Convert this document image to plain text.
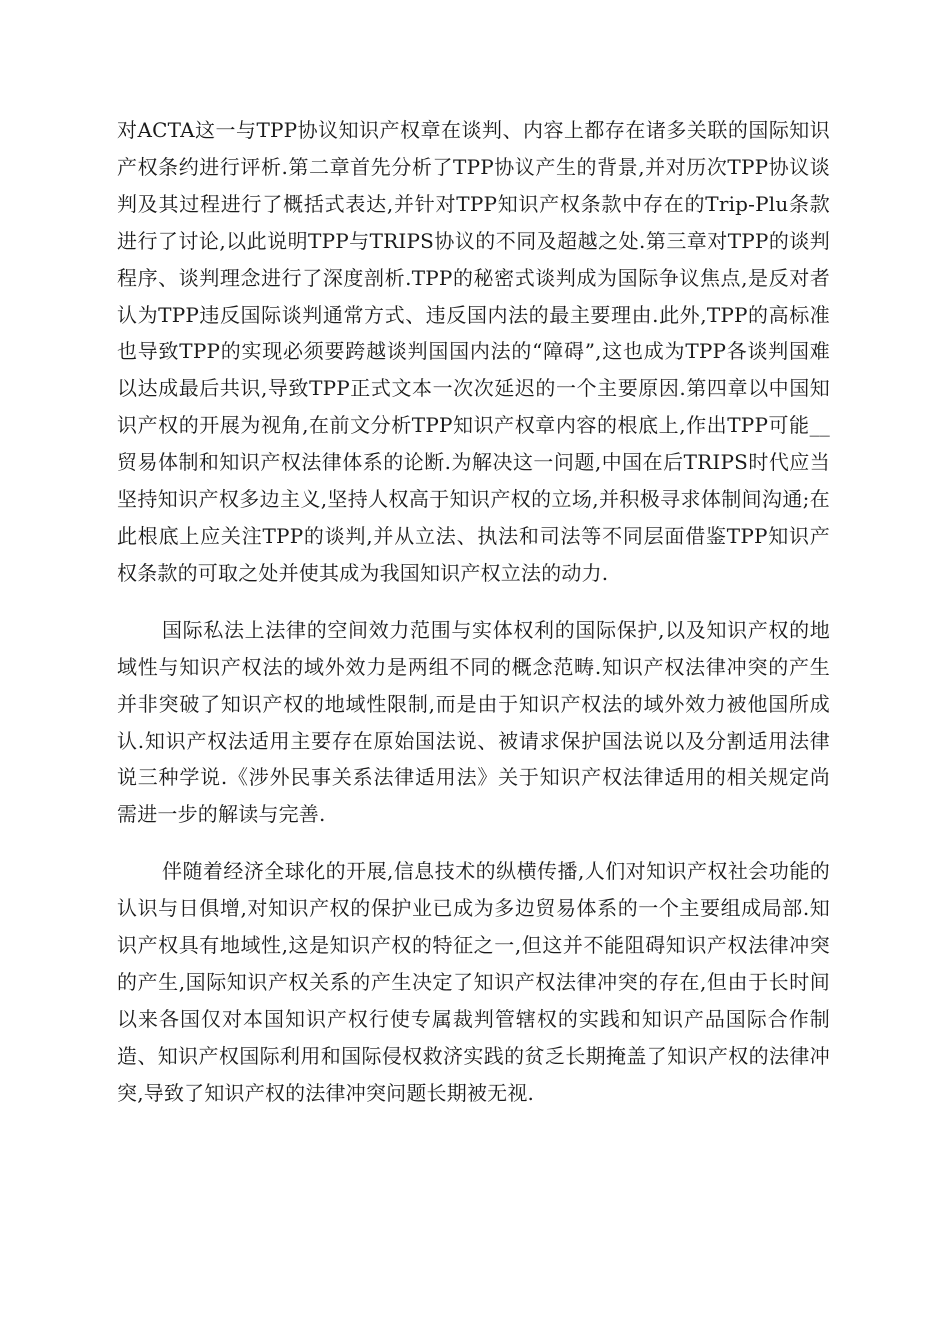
对ACTA这一与TPP协议知识产权章在谈判、内容上都存在诸多关联的国际知识产权条约进行评析.第二章首先分析了TPP协议产生的背景,并对历次TPP协议谈判及其过程进行了概括式表达,并针对TPP知识产权条款中存在的Trip-Plu条款进行了讨论,以此说明TPP与TRIPS协议的不同及超越之处.第三章对TPP的谈判程序、谈判理念进行了深度剖析.TPP的秘密式谈判成为国际争议焦点,是反对者认为TPP违反国际谈判通常方式、违反国内法的最主要理由.此外,TPP的高标准也导致TPP的实现必须要跨越谈判国国内法的“障碍”,这也成为TPP各谈判国难以达成最后共识,导致TPP正式文本一次次延迟的一个主要原因.第四章以中国知识产权的开展为视角,在前文分析TPP知识产权章内容的根底上,作出TPP可能__贸易体制和知识产权法律体系的论断.为解决这一问题,中国在后TRIPS时代应当坚持知识产权多边主义,坚持人权高于知识产权的立场,并积极寻求体制间沟通;在此根底上应关注TPP的谈判,并从立法、执法和司法等不同层面借鉴TPP知识产权条款的可取之处并使其成为我国知识产权立法的动力.

国际私法上法律的空间效力范围与实体权利的国际保护,以及知识产权的地域性与知识产权法的域外效力是两组不同的概念范畴.知识产权法律冲突的产生并非突破了知识产权的地域性限制,而是由于知识产权法的域外效力被他国所成认.知识产权法适用主要存在原始国法说、被请求保护国法说以及分割适用法律说三种学说.《涉外民事关系法律适用法》关于知识产权法律适用的相关规定尚需进一步的解读与完善.

伴随着经济全球化的开展,信息技术的纵横传播,人们对知识产权社会功能的认识与日俱增,对知识产权的保护业已成为多边贸易体系的一个主要组成局部.知识产权具有地域性,这是知识产权的特征之一,但这并不能阻碍知识产权法律冲突的产生,国际知识产权关系的产生决定了知识产权法律冲突的存在,但由于长时间以来各国仅对本国知识产权行使专属裁判管辖权的实践和知识产品国际合作制造、知识产权国际利用和国际侵权救济实践的贫乏长期掩盖了知识产权的法律冲突,导致了知识产权的法律冲突问题长期被无视.
